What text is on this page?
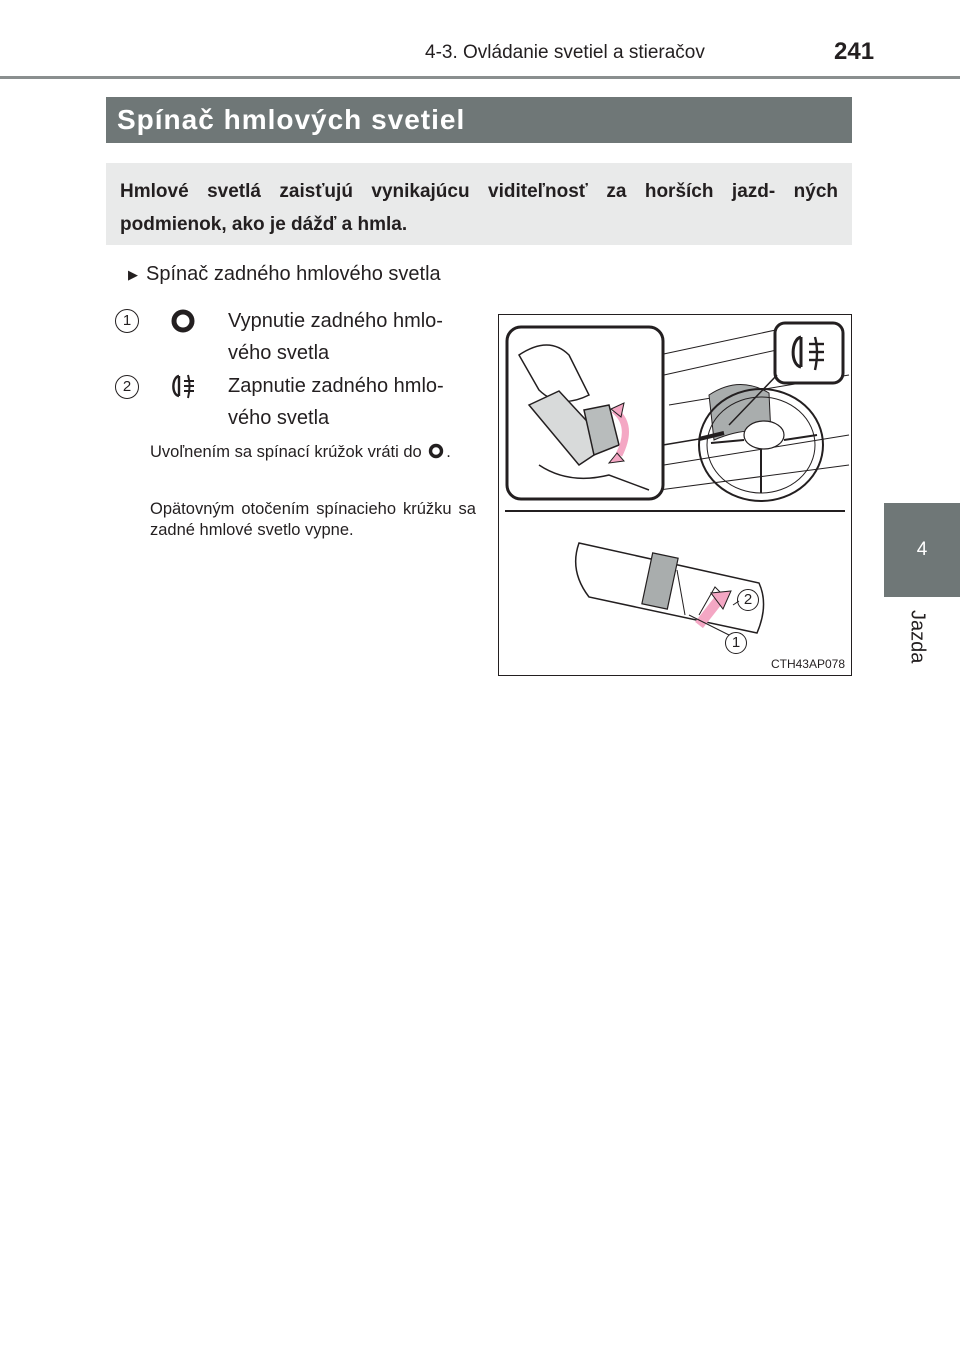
4-3. Ovládanie svetiel a stieračov	241
4
Jazda
Spínač hmlových svetiel
Hmlové svetlá zaisťujú vynikajúcu viditeľnosť za horších jazd- ných podmienok, ako je dážď a hmla.
▶ Spínač zadného hmlového svetla
1	Vypnutie zadného hmlo- vého svetla
2	Zapnutie zadného hmlo- vého svetla
Uvoľnením sa spínací krúžok vráti do .
Opätovným otočením spínacieho krúžku sa zadné hmlové svetlo vypne.
2
1
CTH43AP078
